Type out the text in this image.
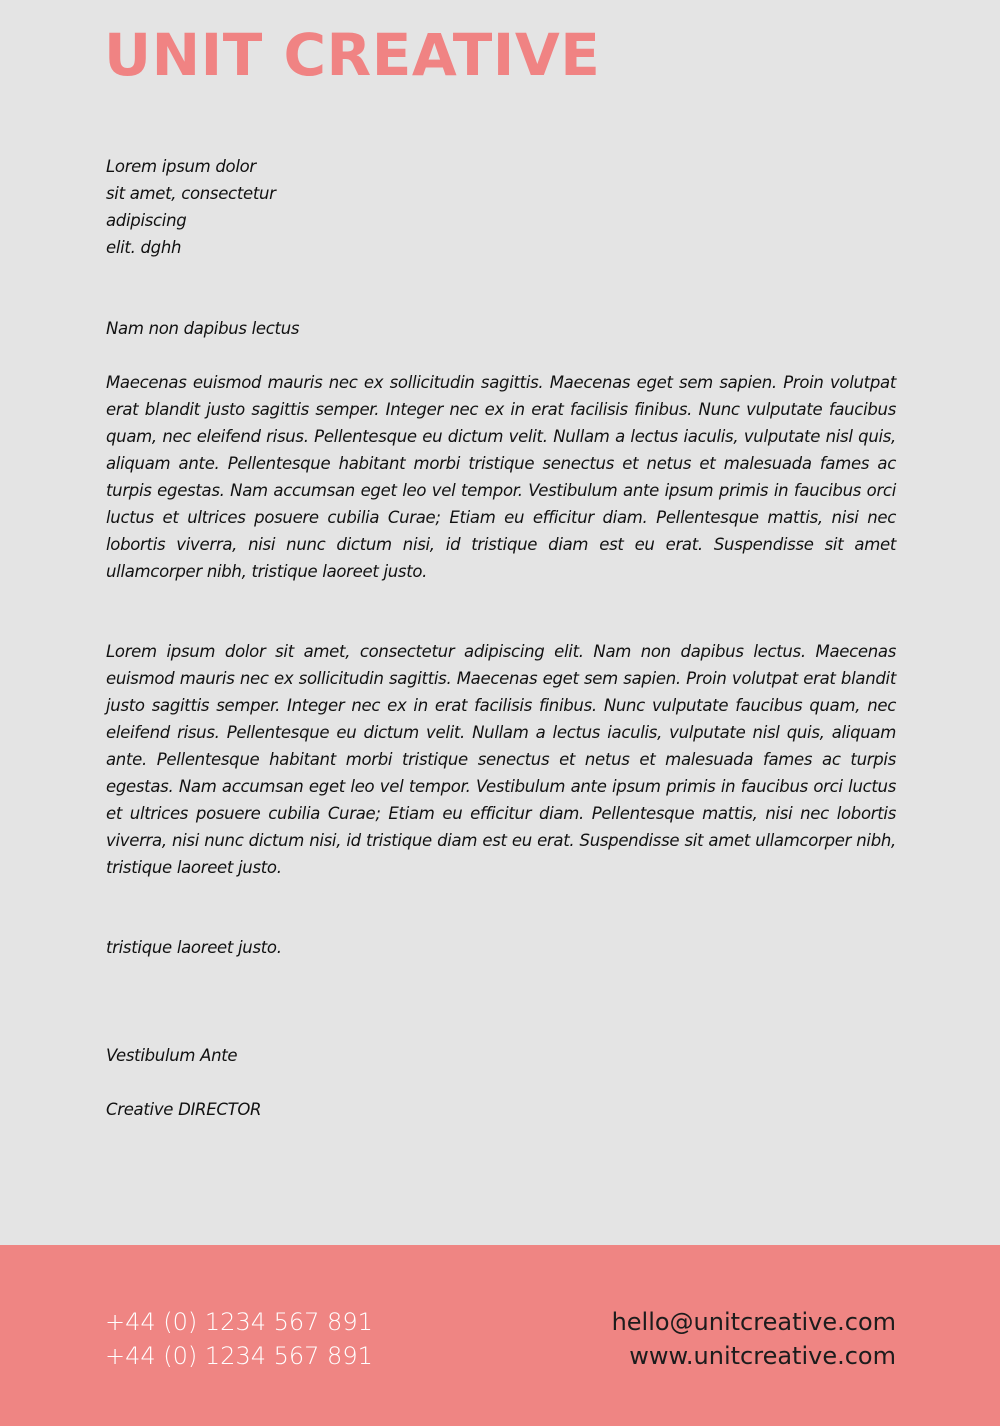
UNIT CREATIVE
Lorem ipsum dolor
sit amet, consectetur
adipiscing
elit. dghh
Nam non dapibus lectus

Maecenas euismod mauris nec ex sollicitudin sagittis. Maecenas eget sem sapien. Proin volutpat erat blandit justo sagittis semper. Integer nec ex in erat facilisis finibus. Nunc vulputate faucibus quam, nec eleifend risus. Pellentesque eu dictum velit. Nullam a lectus iaculis, vulputate nisl quis, aliquam ante. Pellentesque habitant morbi tristique senectus et netus et malesuada fames ac turpis egestas. Nam accumsan eget leo vel tempor. Vestibulum ante ipsum primis in faucibus orci luctus et ultrices posuere cubilia Curae; Etiam eu efficitur diam. Pellentesque mattis, nisi nec lobortis viverra, nisi nunc dictum nisi, id tristique diam est eu erat. Suspendisse sit amet ullamcorper nibh, tristique laoreet justo.

Lorem ipsum dolor sit amet, consectetur adipiscing elit. Nam non dapibus lectus. Maecenas euismod mauris nec ex sollicitudin sagittis. Maecenas eget sem sapien. Proin volutpat erat blandit justo sagittis semper. Integer nec ex in erat facilisis finibus. Nunc vulputate faucibus quam, nec eleifend risus. Pellentesque eu dictum velit. Nullam a lectus iaculis, vulputate nisl quis, aliquam ante. Pellentesque habitant morbi tristique senectus et netus et malesuada fames ac turpis egestas. Nam accumsan eget leo vel tempor. Vestibulum ante ipsum primis in faucibus orci luctus et ultrices posuere cubilia Curae; Etiam eu efficitur diam. Pellentesque mattis, nisi nec lobortis viverra, nisi nunc dictum nisi, id tristique diam est eu erat. Suspendisse sit amet ullamcorper nibh, tristique laoreet justo.

tristique laoreet justo.
Vestibulum Ante
Creative DIRECTOR
+44 (0) 1234 567 891
+44 (0) 1234 567 891
hello@unitcreative.com
www.unitcreative.com
